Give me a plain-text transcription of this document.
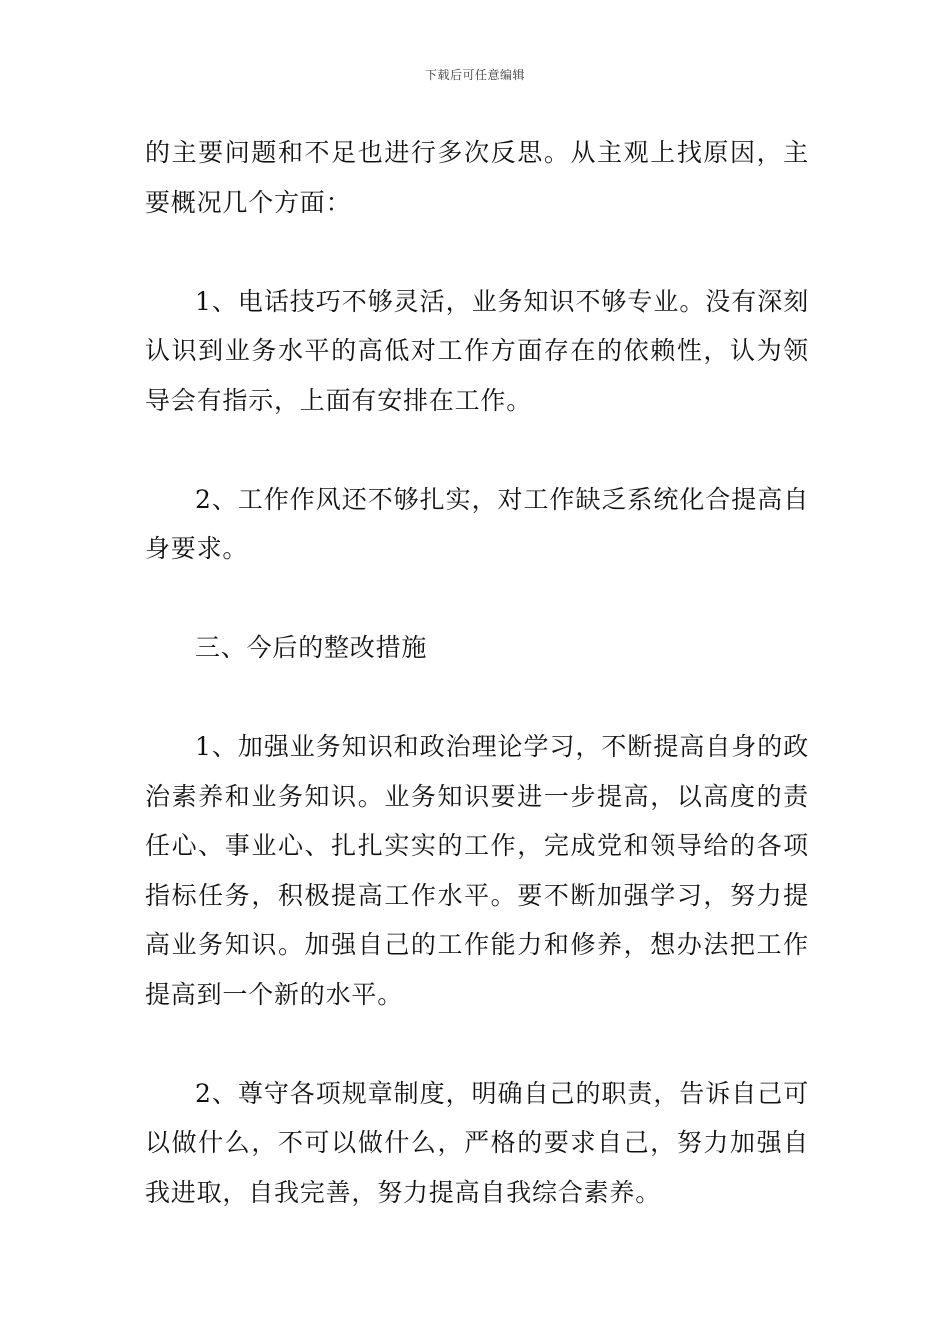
下载后可任意编辑

的主要问题和不足也进行多次反思。从主观上找原因，主要概况几个方面：

1、电话技巧不够灵活，业务知识不够专业。没有深刻认识到业务水平的高低对工作方面存在的依赖性，认为领导会有指示，上面有安排在工作。

2、工作作风还不够扎实，对工作缺乏系统化合提高自身要求。

三、今后的整改措施

1、加强业务知识和政治理论学习，不断提高自身的政治素养和业务知识。业务知识要进一步提高，以高度的责任心、事业心、扎扎实实的工作，完成党和领导给的各项指标任务，积极提高工作水平。要不断加强学习，努力提高业务知识。加强自己的工作能力和修养，想办法把工作提高到一个新的水平。

2、尊守各项规章制度，明确自己的职责，告诉自己可以做什么，不可以做什么，严格的要求自己，努力加强自我进取，自我完善，努力提高自我综合素养。
